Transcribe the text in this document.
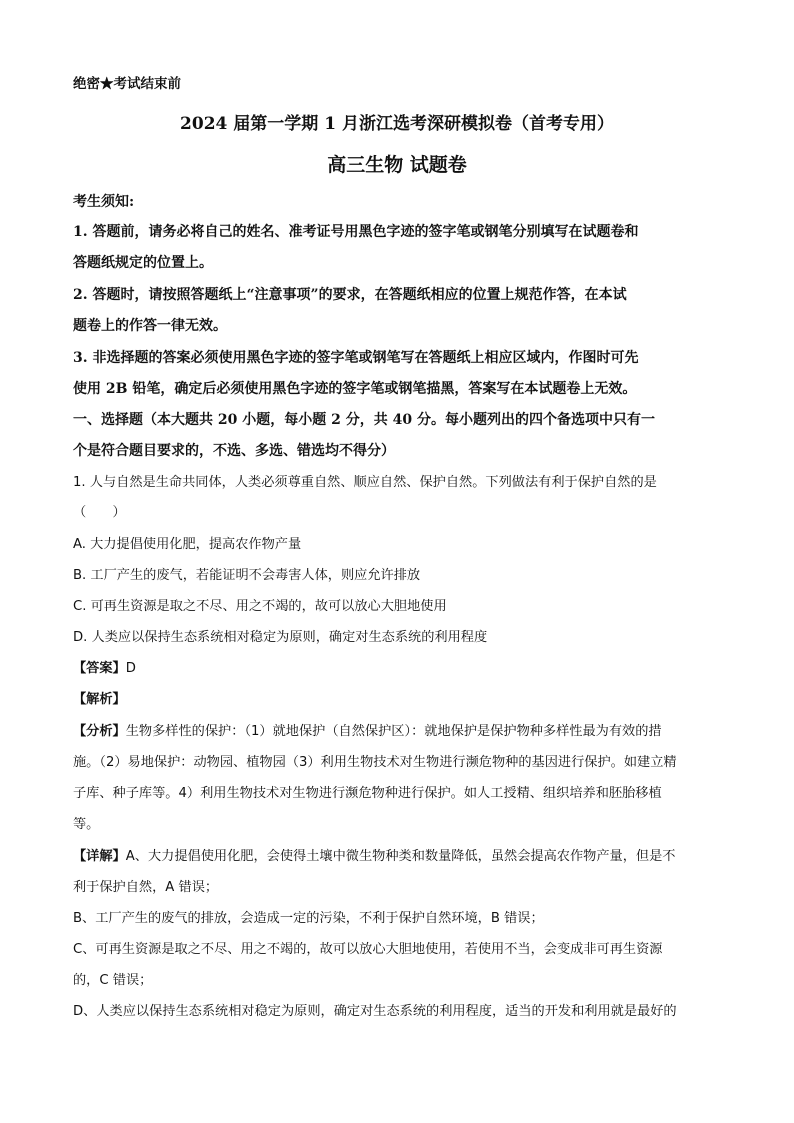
绝密★考试结束前
2024 届第一学期 1 月浙江选考深研模拟卷（首考专用）
高三生物 试题卷
考生须知:
1. 答题前，请务必将自己的姓名、准考证号用黑色字迹的签字笔或钢笔分别填写在试题卷和
答题纸规定的位置上。
2. 答题时，请按照答题纸上“注意事项”的要求，在答题纸相应的位置上规范作答，在本试
题卷上的作答一律无效。
3. 非选择题的答案必须使用黑色字迹的签字笔或钢笔写在答题纸上相应区域内，作图时可先
使用 2B 铅笔，确定后必须使用黑色字迹的签字笔或钢笔描黑，答案写在本试题卷上无效。
一、选择题（本大题共 20 小题，每小题 2 分，共 40 分。每小题列出的四个备选项中只有一
个是符合题目要求的，不选、多选、错选均不得分）
1. 人与自然是生命共同体，人类必须尊重自然、顺应自然、保护自然。下列做法有利于保护自然的是
（　　）
A. 大力提倡使用化肥，提高农作物产量
B. 工厂产生的废气，若能证明不会毒害人体，则应允许排放
C. 可再生资源是取之不尽、用之不竭的，故可以放心大胆地使用
D. 人类应以保持生态系统相对稳定为原则，确定对生态系统的利用程度
【答案】D
【解析】
【分析】生物多样性的保护：（1）就地保护（自然保护区）：就地保护是保护物种多样性最为有效的措
施。（2）易地保护：动物园、植物园（3）利用生物技术对生物进行濒危物种的基因进行保护。如建立精
子库、种子库等。4）利用生物技术对生物进行濒危物种进行保护。如人工授精、组织培养和胚胎移植
等。
【详解】A、大力提倡使用化肥，会使得土壤中微生物种类和数量降低，虽然会提高农作物产量，但是不
利于保护自然，A 错误；
B、工厂产生的废气的排放，会造成一定的污染，不利于保护自然环境，B 错误；
C、可再生资源是取之不尽、用之不竭的，故可以放心大胆地使用，若使用不当，会变成非可再生资源
的，C 错误；
D、人类应以保持生态系统相对稳定为原则，确定对生态系统的利用程度，适当的开发和利用就是最好的
